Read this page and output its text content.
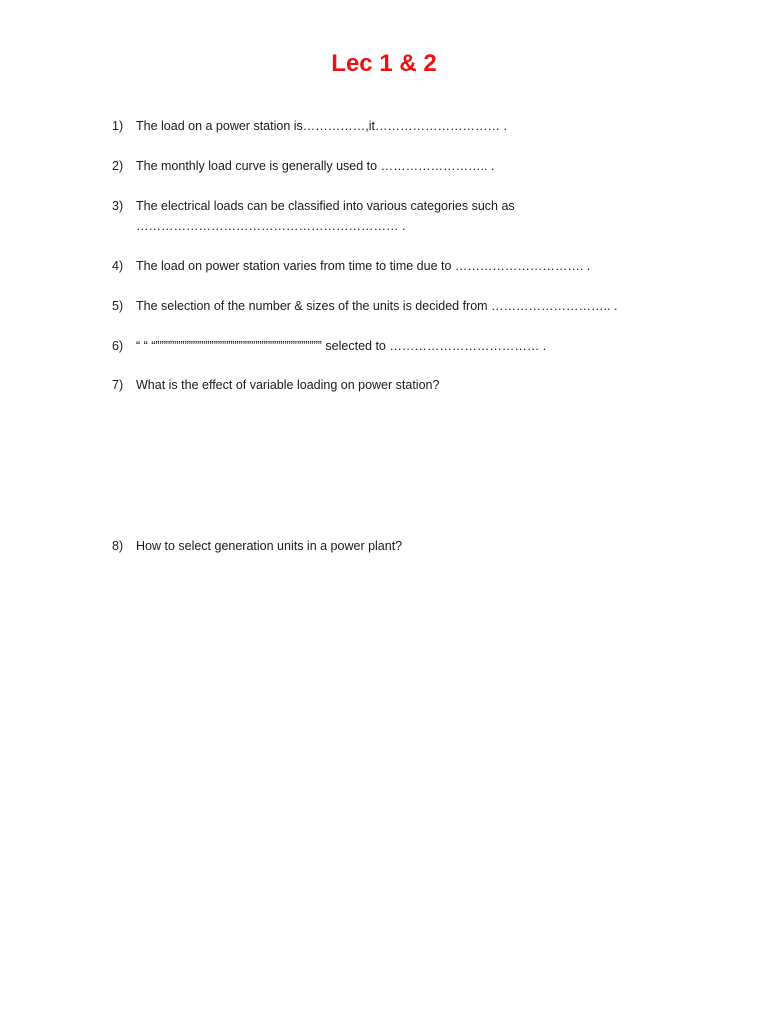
Lec 1 & 2
1)	The load on a power station is……………,it………………………… .
2)	The monthly load curve is generally used to …………………….. .
3)	The electrical loads can be classified into various categories such as
……………………………………………………… .
4)	The load on power station varies from time to time due to …………………………. .
5)	The selection of the number & sizes of the units is decided from ……………………….. .
6)	“ “ “”””””””””””””””””””””””””””””””””””””””” selected to ……………………………… .
7)	What is the effect of variable loading on power station?
8)	How to select generation units in a power plant?
